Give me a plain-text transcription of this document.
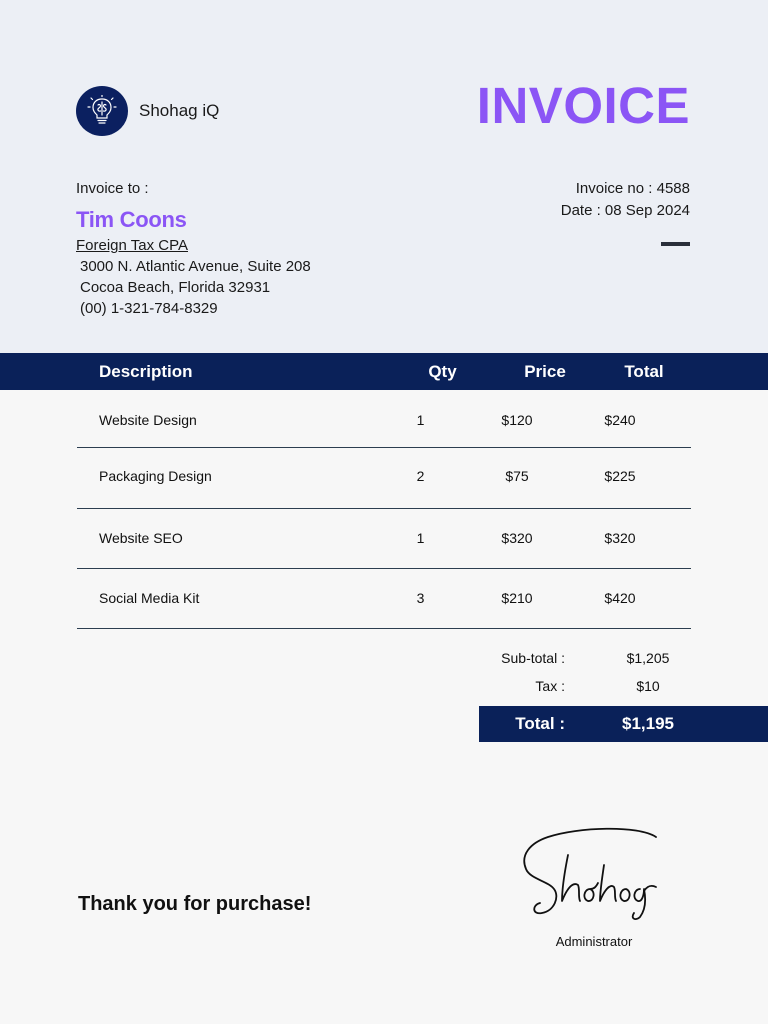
Shohag iQ	INVOICE
Invoice to :
Tim Coons
Foreign Tax CPA
3000 N. Atlantic Avenue, Suite 208
Cocoa Beach, Florida 32931
(00) 1-321-784-8329
Invoice no : 4588
Date : 08 Sep 2024
Description	Qty	Price	Total
Website Design	1	$120	$240
Packaging Design	2	$75	$225
Website SEO	1	$320	$320
Social Media Kit	3	$210	$420
Sub-total :	$1,205
Tax :	$10
Total :	$1,195
Thank you for purchase!
Administrator
